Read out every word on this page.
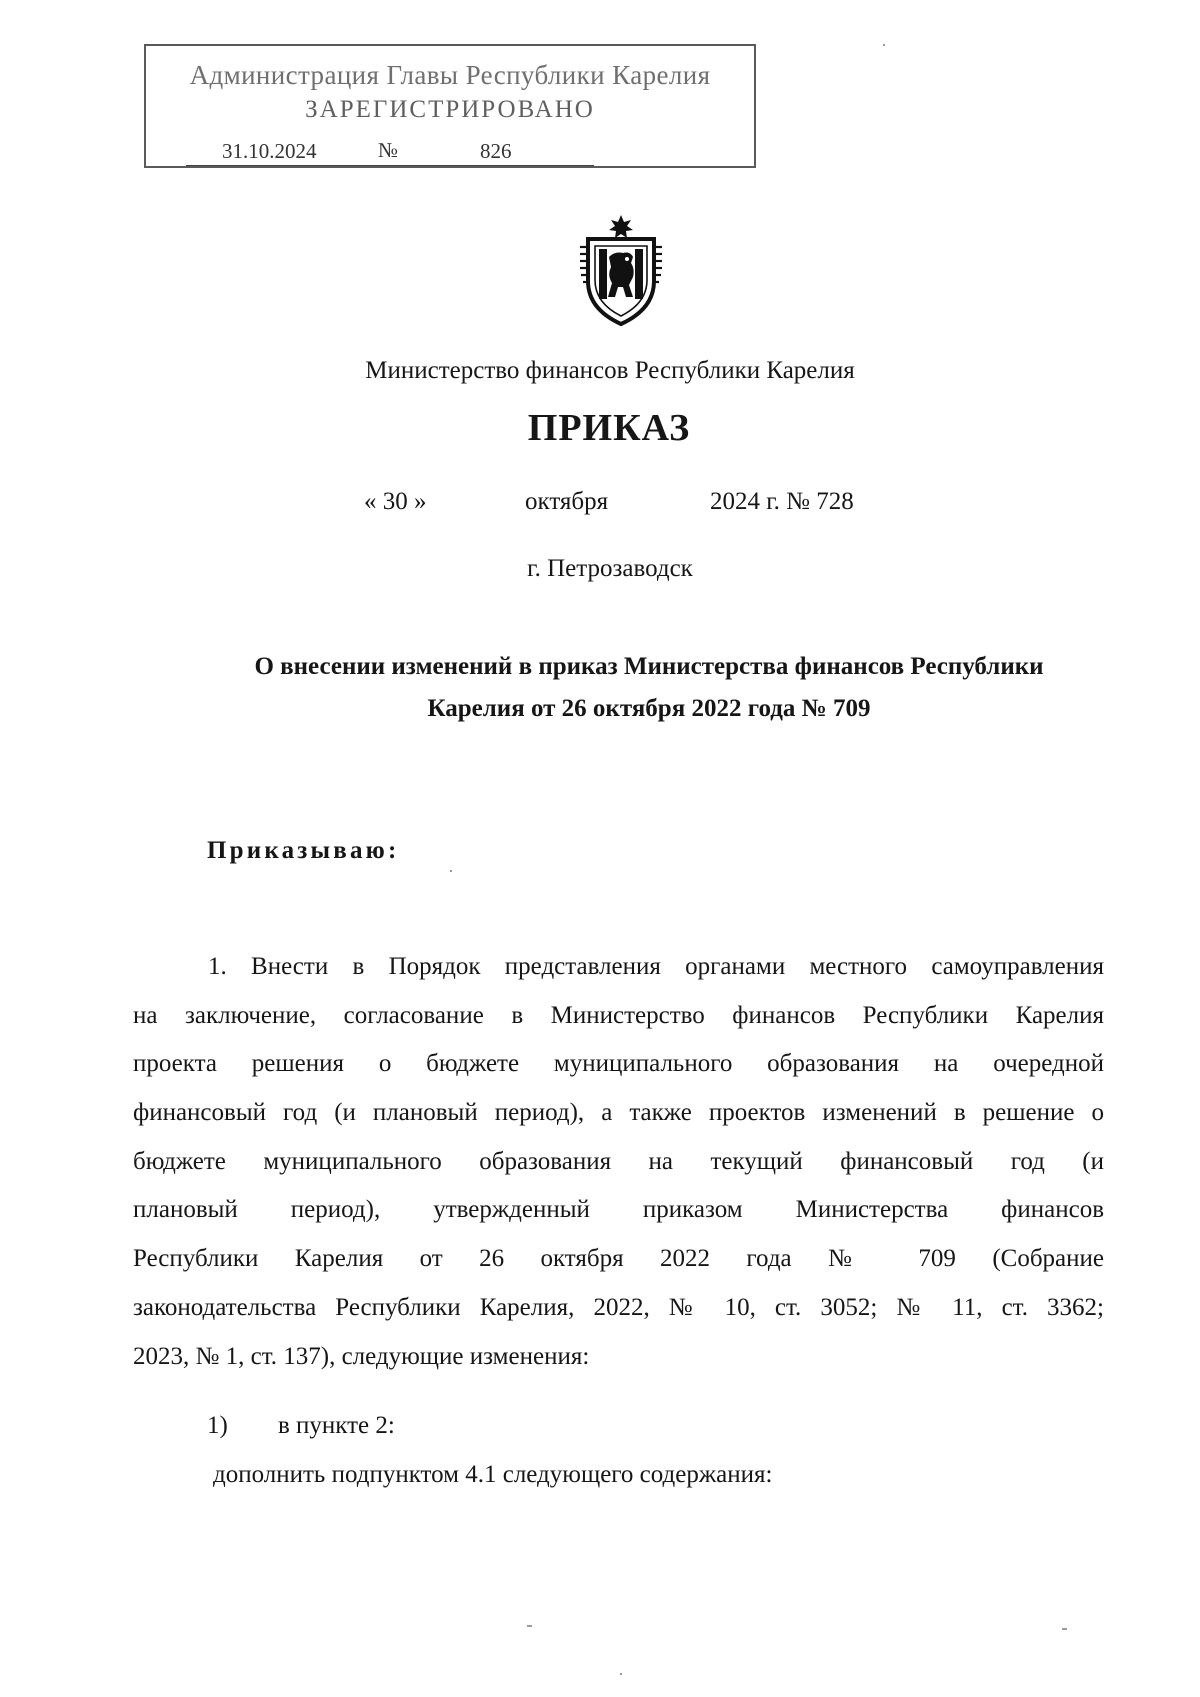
Администрация Главы Республики Карелия
ЗАРЕГИСТРИРОВАНО
31.10.2024	№	826
Министерство финансов Республики Карелия
ПРИКАЗ
« 30 »	октября	2024 г. № 728
г. Петрозаводск
О внесении изменений в приказ Министерства финансов Республики
Карелия от 26 октября 2022 года № 709
Приказываю:
1. Внести в Порядок представления органами местного самоуправления
на заключение, согласование в Министерство финансов Республики Карелия
проекта решения о бюджете муниципального образования на очередной
финансовый год (и плановый период), а также проектов изменений в решение о
бюджете муниципального образования на текущий финансовый год (и
плановый период), утвержденный приказом Министерства финансов
Республики Карелия от 26 октября 2022 года № 709 (Собрание
законодательства Республики Карелия, 2022, № 10, ст. 3052; № 11, ст. 3362;
2023, № 1, ст. 137), следующие изменения:
1) в пункте 2:
дополнить подпунктом 4.1 следующего содержания:
